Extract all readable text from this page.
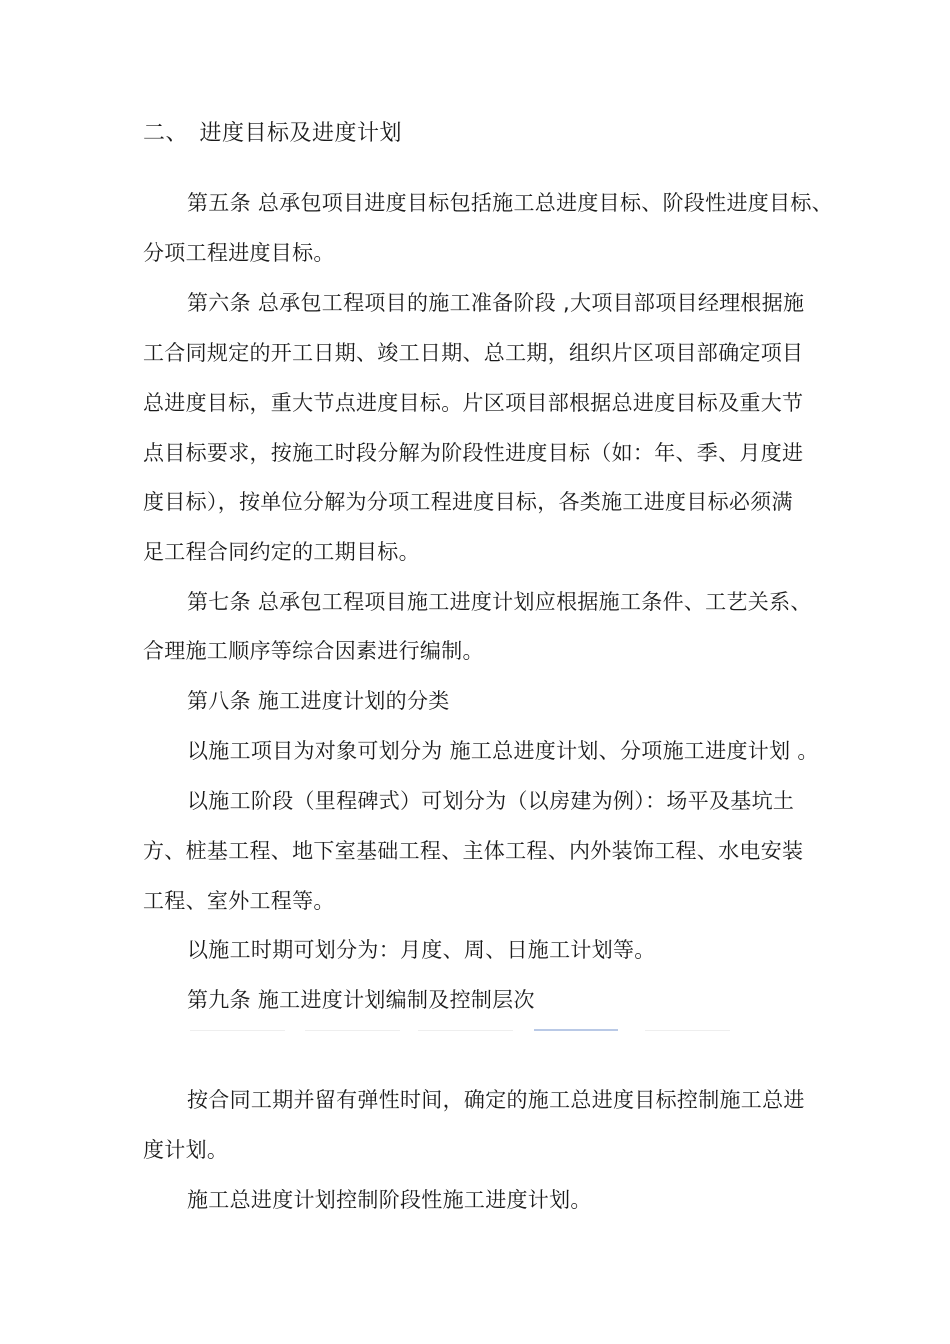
二、　进度目标及进度计划
第五条 总承包项目进度目标包括施工总进度目标、阶段性进度目标、
分项工程进度目标。
第六条 总承包工程项目的施工准备阶段 ,大项目部项目经理根据施
工合同规定的开工日期、竣工日期、总工期，组织片区项目部确定项目
总进度目标，重大节点进度目标。片区项目部根据总进度目标及重大节
点目标要求，按施工时段分解为阶段性进度目标（如：年、季、月度进
度目标），按单位分解为分项工程进度目标，各类施工进度目标必须满
足工程合同约定的工期目标。
第七条 总承包工程项目施工进度计划应根据施工条件、工艺关系、
合理施工顺序等综合因素进行编制。
第八条 施工进度计划的分类
以施工项目为对象可划分为 施工总进度计划、分项施工进度计划 。
以施工阶段（里程碑式）可划分为（以房建为例）：场平及基坑土
方、桩基工程、地下室基础工程、主体工程、内外装饰工程、水电安装
工程、室外工程等。
以施工时期可划分为：月度、周、日施工计划等。
第九条 施工进度计划编制及控制层次
按合同工期并留有弹性时间，确定的施工总进度目标控制施工总进
度计划。
施工总进度计划控制阶段性施工进度计划。
